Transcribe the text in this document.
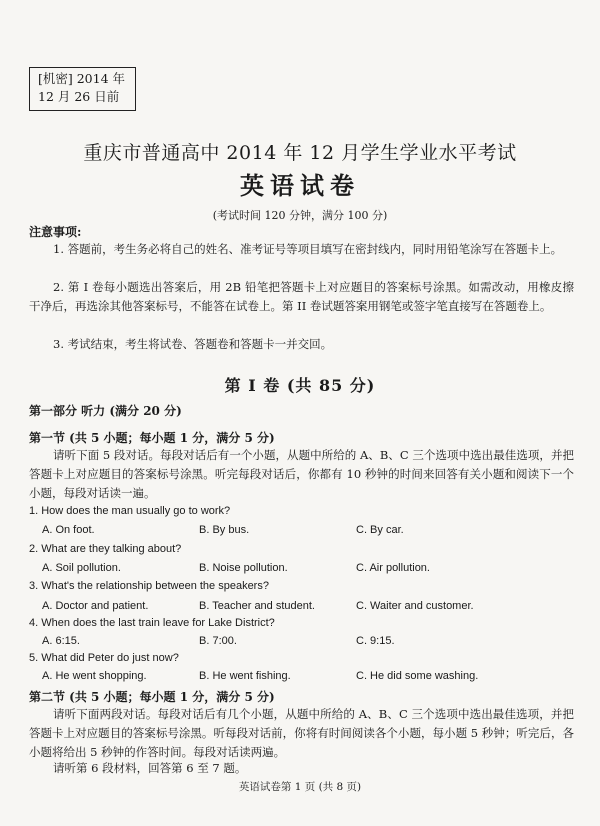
[机密] 2014 年
12 月 26 日前
重庆市普通高中 2014 年 12 月学生学业水平考试
英语试卷
(考试时间 120 分钟，满分 100 分)
注意事项:
1. 答题前，考生务必将自己的姓名、准考证号等项目填写在密封线内，同时用铅笔涂写在答题卡上。
2. 第 I 卷每小题选出答案后，用 2B 铅笔把答题卡上对应题目的答案标号涂黑。如需改动，用橡皮擦干净后，再选涂其他答案标号，不能答在试卷上。第 II 卷试题答案用钢笔或签字笔直接写在答题卷上。
3. 考试结束，考生将试卷、答题卷和答题卡一并交回。
第 I 卷 (共 85 分)
第一部分 听力 (满分 20 分)
第一节 (共 5 小题；每小题 1 分，满分 5 分)
请听下面 5 段对话。每段对话后有一个小题，从题中所给的 A、B、C 三个选项中选出最佳选项，并把答题卡上对应题目的答案标号涂黑。听完每段对话后，你都有 10 秒钟的时间来回答有关小题和阅读下一个小题，每段对话读一遍。
1. How does the man usually go to work?
A. On foot.	B. By bus.	C. By car.
2. What are they talking about?
A. Soil pollution.	B. Noise pollution.	C. Air pollution.
3. What's the relationship between the speakers?
A. Doctor and patient.	B. Teacher and student.	C. Waiter and customer.
4. When does the last train leave for Lake District?
A. 6:15.	B. 7:00.	C. 9:15.
5. What did Peter do just now?
A. He went shopping.	B. He went fishing.	C. He did some washing.
第二节 (共 5 小题；每小题 1 分，满分 5 分)
请听下面两段对话。每段对话后有几个小题，从题中所给的 A、B、C 三个选项中选出最佳选项，并把答题卡上对应题目的答案标号涂黑。听每段对话前，你将有时间阅读各个小题，每小题 5 秒钟；听完后，各小题将给出 5 秒钟的作答时间。每段对话读两遍。
请听第 6 段材料，回答第 6 至 7 题。
英语试卷第 1 页 (共 8 页)
